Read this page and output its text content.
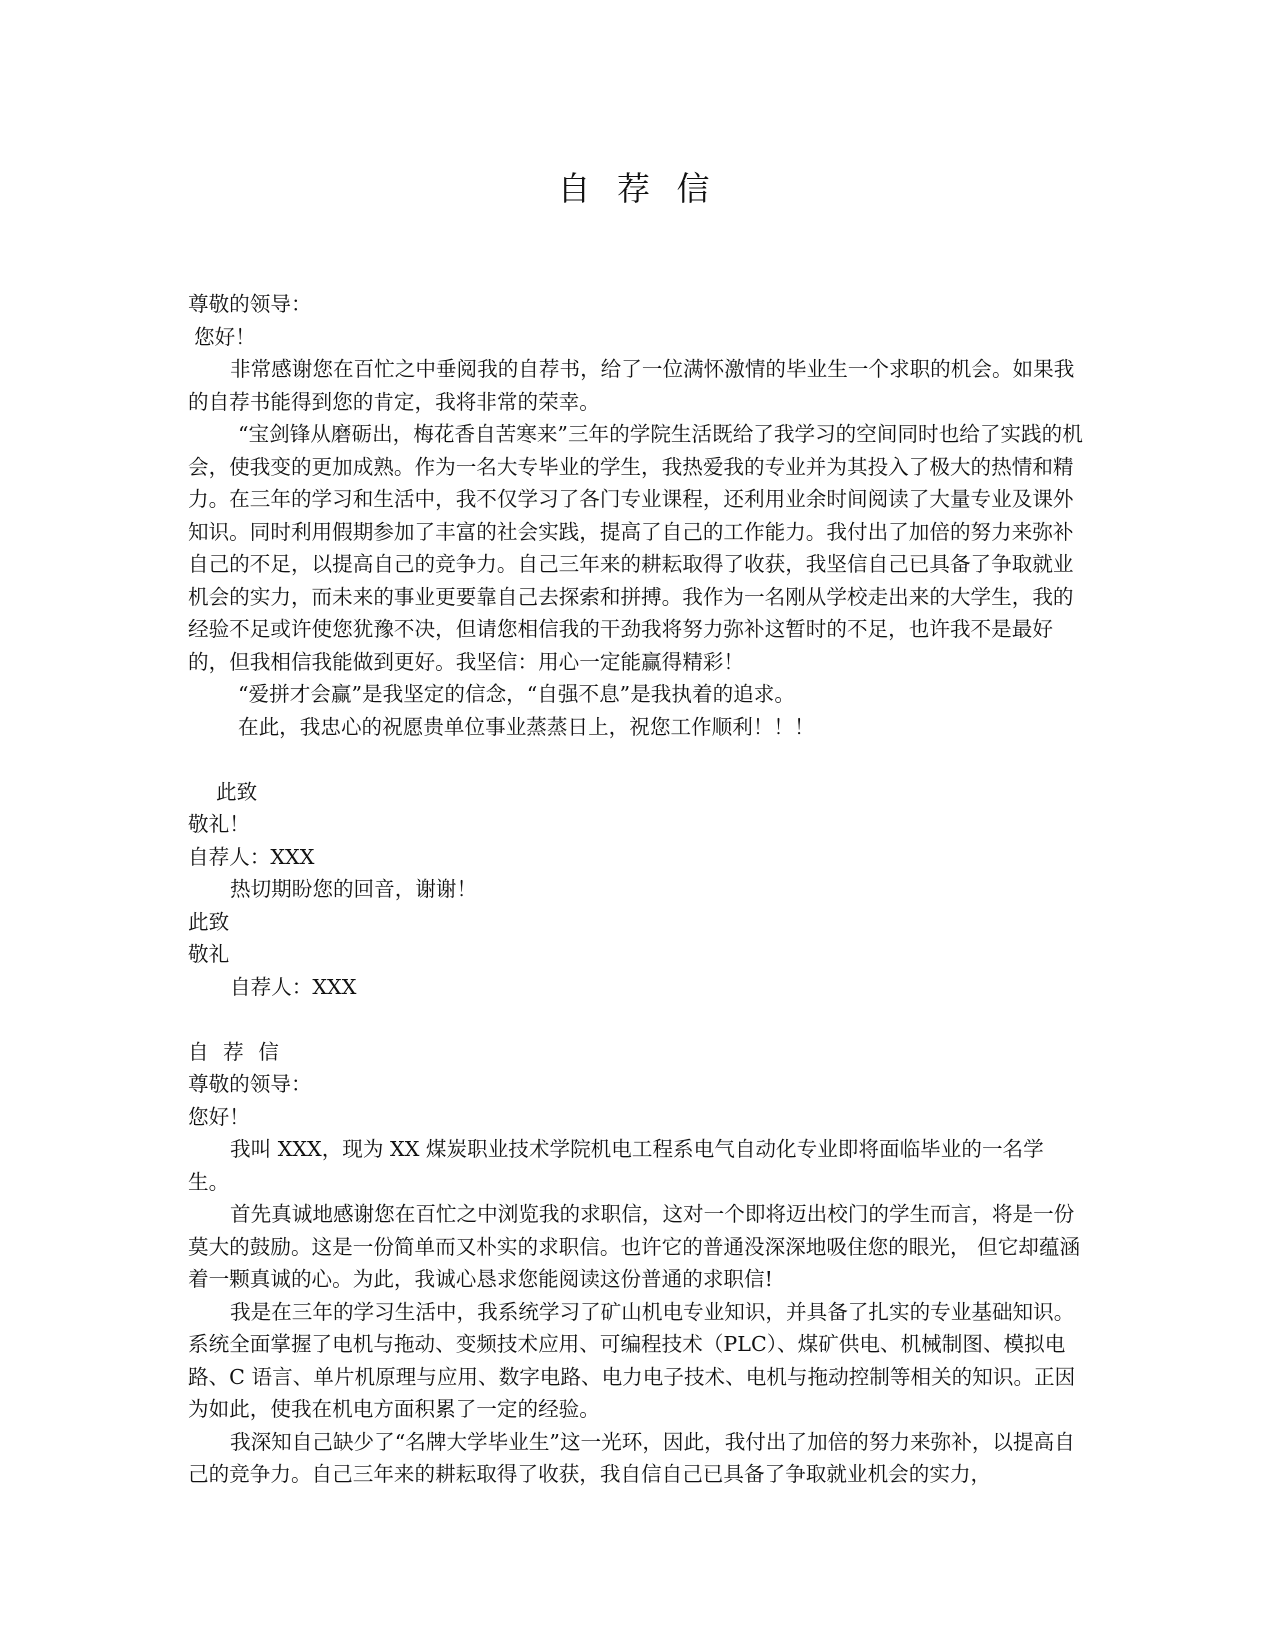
自 荐 信

尊敬的领导：

您好！

非常感谢您在百忙之中垂阅我的自荐书，给了一位满怀激情的毕业生一个求职的机会。如果我的自荐书能得到您的肯定，我将非常的荣幸。

“宝剑锋从磨砺出，梅花香自苦寒来”三年的学院生活既给了我学习的空间同时也给了实践的机会，使我变的更加成熟。作为一名大专毕业的学生，我热爱我的专业并为其投入了极大的热情和精力。在三年的学习和生活中，我不仅学习了各门专业课程，还利用业余时间阅读了大量专业及课外知识。同时利用假期参加了丰富的社会实践，提高了自己的工作能力。我付出了加倍的努力来弥补自己的不足，以提高自己的竞争力。自己三年来的耕耘取得了收获，我坚信自己已具备了争取就业机会的实力，而未来的事业更要靠自己去探索和拼搏。我作为一名刚从学校走出来的大学生，我的经验不足或许使您犹豫不决，但请您相信我的干劲我将努力弥补这暂时的不足，也许我不是最好的，但我相信我能做到更好。我坚信：用心一定能赢得精彩！

“爱拼才会赢”是我坚定的信念，“自强不息”是我执着的追求。

在此，我忠心的祝愿贵单位事业蒸蒸日上，祝您工作顺利！！！

此致

敬礼！

自荐人：XXX

热切期盼您的回音，谢谢！

此致

敬礼

自荐人：XXX

自 荐 信

尊敬的领导：

您好！

我叫 XXX，现为 XX 煤炭职业技术学院机电工程系电气自动化专业即将面临毕业的一名学生。

首先真诚地感谢您在百忙之中浏览我的求职信，这对一个即将迈出校门的学生而言，将是一份莫大的鼓励。这是一份简单而又朴实的求职信。也许它的普通没深深地吸住您的眼光， 但它却蕴涵着一颗真诚的心。为此，我诚心恳求您能阅读这份普通的求职信!

我是在三年的学习生活中，我系统学习了矿山机电专业知识，并具备了扎实的专业基础知识。系统全面掌握了电机与拖动、变频技术应用、可编程技术（PLC）、煤矿供电、机械制图、模拟电路、C 语言、单片机原理与应用、数字电路、电力电子技术、电机与拖动控制等相关的知识。正因为如此，使我在机电方面积累了一定的经验。

我深知自己缺少了“名牌大学毕业生”这一光环，因此，我付出了加倍的努力来弥补，以提高自己的竞争力。自己三年来的耕耘取得了收获，我自信自己已具备了争取就业机会的实力，
